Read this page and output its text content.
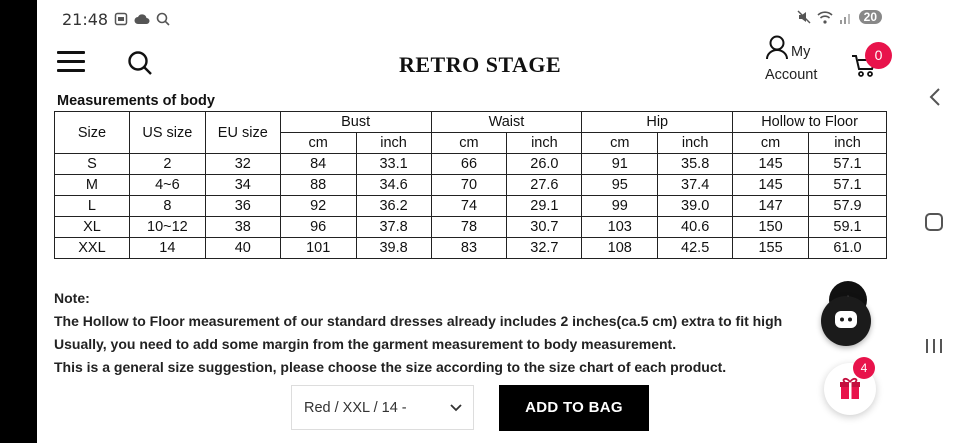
21:48	20
RETRO STAGE	My
Account
0
Measurements of body
Size	US size	EU size	Bust		Waist		Hip		Hollow to Floor	
			cm	inch	cm	inch	cm	inch	cm	inch
S	2	32	84	33.1	66	26.0	91	35.8	145	57.1
M	4~6	34	88	34.6	70	27.6	95	37.4	145	57.1
L	8	36	92	36.2	74	29.1	99	39.0	147	57.9
XL	10~12	38	96	37.8	78	30.7	103	40.6	150	59.1
XXL	14	40	101	39.8	83	32.7	108	42.5	155	61.0
Note:
The Hollow to Floor measurement of our standard dresses already includes 2 inches(ca.5 cm) extra to fit high
Usually, you need to add some margin from the garment measurement to body measurement.
This is a general size suggestion, please choose the size according to the size chart of each product.
Red / XXL / 14 -	ADD TO BAG
4
